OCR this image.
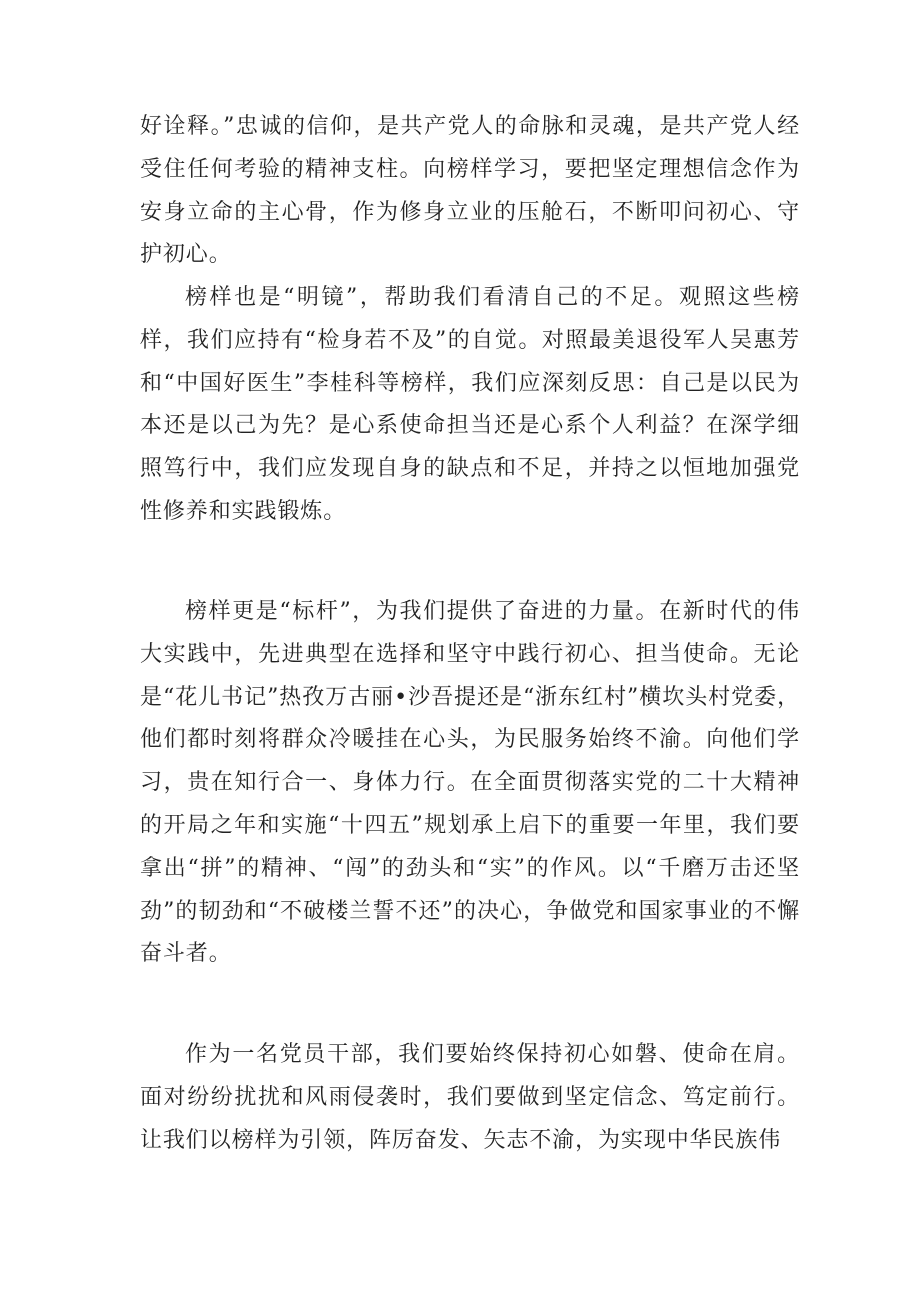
好诠释。”忠诚的信仰，是共产党人的命脉和灵魂，是共产党人经受住任何考验的精神支柱。向榜样学习，要把坚定理想信念作为安身立命的主心骨，作为修身立业的压舱石，不断叩问初心、守护初心。

榜样也是“明镜”，帮助我们看清自己的不足。观照这些榜样，我们应持有“检身若不及”的自觉。对照最美退役军人吴惠芳和“中国好医生”李桂科等榜样，我们应深刻反思：自己是以民为本还是以己为先？是心系使命担当还是心系个人利益？在深学细照笃行中，我们应发现自身的缺点和不足，并持之以恒地加强党性修养和实践锻炼。

榜样更是“标杆”，为我们提供了奋进的力量。在新时代的伟大实践中，先进典型在选择和坚守中践行初心、担当使命。无论是“花儿书记”热孜万古丽•沙吾提还是“浙东红村”横坎头村党委，他们都时刻将群众冷暖挂在心头，为民服务始终不渝。向他们学习，贵在知行合一、身体力行。在全面贯彻落实党的二十大精神的开局之年和实施“十四五”规划承上启下的重要一年里，我们要拿出“拼”的精神、“闯”的劲头和“实”的作风。以“千磨万击还坚劲”的韧劲和“不破楼兰誓不还”的决心，争做党和国家事业的不懈奋斗者。

作为一名党员干部，我们要始终保持初心如磐、使命在肩。面对纷纷扰扰和风雨侵袭时，我们要做到坚定信念、笃定前行。让我们以榜样为引领，阵厉奋发、矢志不渝，为实现中华民族伟
